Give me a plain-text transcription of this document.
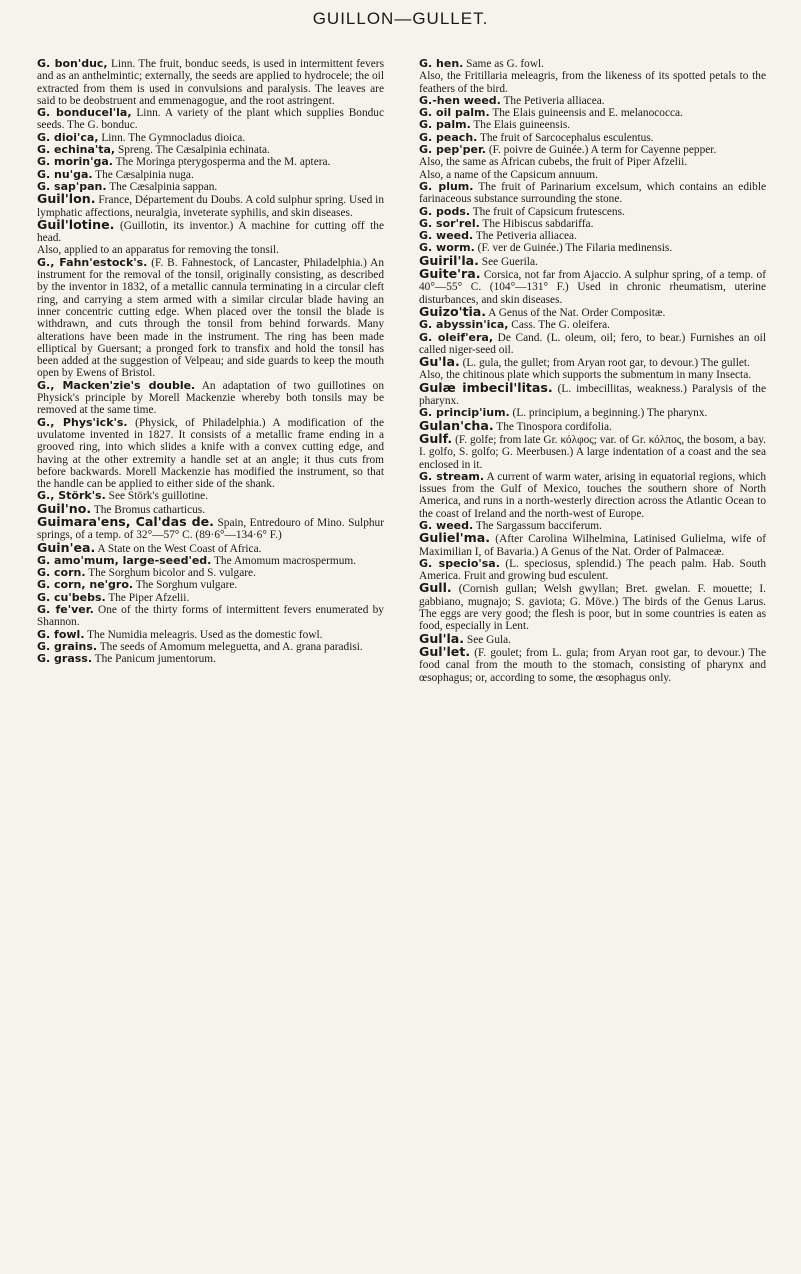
GUILLON—GULLET.
G. bon'duc, Linn. The fruit, bonduc seeds, is used in intermittent fevers and as an anthelmintic; externally, the seeds are applied to hydrocele; the oil extracted from them is used in convulsions and paralysis. The leaves are said to be deobstruent and emmenagogue, and the root astringent.
G. bonducel'la, Linn. A variety of the plant which supplies Bonduc seeds. The G. bonduc.
G. dioi'ca, Linn. The Gymnocladus dioica.
G. echina'ta, Spreng. The Cæsalpinia echinata.
G. morin'ga. The Moringa pterygosperma and the M. aptera.
G. nu'ga. The Cæsalpinia nuga.
G. sap'pan. The Cæsalpinia sappan.
Guil'lon. France, Département du Doubs. A cold sulphur spring. Used in lymphatic affections, neuralgia, inveterate syphilis, and skin diseases.
Guil'lotine. (Guillotin, its inventor.) A machine for cutting off the head.
Also, applied to an apparatus for removing the tonsil.
G., Fahn'estock's. (F. B. Fahnestock, of Lancaster, Philadelphia.) An instrument for the removal of the tonsil, originally consisting, as described by the inventor in 1832, of a metallic cannula terminating in a circular cleft ring, and carrying a stem armed with a similar circular blade having an inner concentric cutting edge. When placed over the tonsil the blade is withdrawn, and cuts through the tonsil from behind forwards. Many alterations have been made in the instrument. The ring has been made elliptical by Guersant; a pronged fork to transfix and hold the tonsil has been added at the suggestion of Velpeau; and side guards to keep the mouth open by Ewens of Bristol.
G., Macken'zie's double. An adaptation of two guillotines on Physick's principle by Morell Mackenzie whereby both tonsils may be removed at the same time.
G., Phys'ick's. (Physick, of Philadelphia.) A modification of the uvulatome invented in 1827. It consists of a metallic frame ending in a grooved ring, into which slides a knife with a convex cutting edge, and having at the other extremity a handle set at an angle; it thus cuts from before backwards. Morell Mackenzie has modified the instrument, so that the handle can be applied to either side of the shank.
G., Störk's. See Störk's guillotine.
Guil'no. The Bromus catharticus.
Guimara'ens, Cal'das de. Spain, Entredouro of Mino. Sulphur springs, of a temp. of 32°—57° C. (89·6°—134·6° F.)
Guin'ea. A State on the West Coast of Africa.
G. amo'mum, large-seed'ed. The Amomum macrospermum.
G. corn. The Sorghum bicolor and S. vulgare.
G. corn, ne'gro. The Sorghum vulgare.
G. cu'bebs. The Piper Afzelii.
G. fe'ver. One of the thirty forms of intermittent fevers enumerated by Shannon.
G. fowl. The Numidia meleagris. Used as the domestic fowl.
G. grains. The seeds of Amomum meleguetta, and A. grana paradisi.
G. grass. The Panicum jumentorum.
G. hen. Same as G. fowl.
Also, the Fritillaria meleagris, from the likeness of its spotted petals to the feathers of the bird.
G.-hen weed. The Petiveria alliacea.
G. oil palm. The Elais guineensis and E. melanococca.
G. palm. The Elais guineensis.
G. peach. The fruit of Sarcocephalus esculentus.
G. pep'per. (F. poivre de Guinée.) A term for Cayenne pepper.
Also, the same as African cubebs, the fruit of Piper Afzelii.
Also, a name of the Capsicum annuum.
G. plum. The fruit of Parinarium excelsum, which contains an edible farinaceous substance surrounding the stone.
G. pods. The fruit of Capsicum frutescens.
G. sor'rel. The Hibiscus sabdariffa.
G. weed. The Petiveria alliacea.
G. worm. (F. ver de Guinée.) The Filaria medinensis.
Guiril'la. See Guerila.
Guite'ra. Corsica, not far from Ajaccio. A sulphur spring, of a temp. of 40°—55° C. (104°—131° F.) Used in chronic rheumatism, uterine disturbances, and skin diseases.
Guizo'tia. A Genus of the Nat. Order Compositæ.
G. abyssin'ica, Cass. The G. oleifera.
G. oleif'era, De Cand. (L. oleum, oil; fero, to bear.) Furnishes an oil called niger-seed oil.
Gu'la. (L. gula, the gullet; from Aryan root gar, to devour.) The gullet.
Also, the chitinous plate which supports the submentum in many Insecta.
Gulæ imbecil'litas. (L. imbecillitas, weakness.) Paralysis of the pharynx.
G. princip'ium. (L. principium, a beginning.) The pharynx.
Gulan'cha. The Tinospora cordifolia.
Gulf. (F. golfe; from late Gr. κόλφος; var. of Gr. κόλπος, the bosom, a bay. I. golfo, S. golfo; G. Meerbusen.) A large indentation of a coast and the sea enclosed in it.
G. stream. A current of warm water, arising in equatorial regions, which issues from the Gulf of Mexico, touches the southern shore of North America, and runs in a north-westerly direction across the Atlantic Ocean to the coast of Ireland and the north-west of Europe.
G. weed. The Sargassum bacciferum.
Guliel'ma. (After Carolina Wilhelmina, Latinised Gulielma, wife of Maximilian I, of Bavaria.) A Genus of the Nat. Order of Palmaceæ.
G. specio'sa. (L. speciosus, splendid.) The peach palm. Hab. South America. Fruit and growing bud esculent.
Gull. (Cornish gullan; Welsh gwyllan; Bret. gwelan. F. mouette; I. gabbiano, mugnajo; S. gaviota; G. Möve.) The birds of the Genus Larus. The eggs are very good; the flesh is poor, but in some countries is eaten as food, especially in Lent.
Gul'la. See Gula.
Gul'let. (F. goulet; from L. gula; from Aryan root gar, to devour.) The food canal from the mouth to the stomach, consisting of pharynx and œsophagus; or, according to some, the œsophagus only.
